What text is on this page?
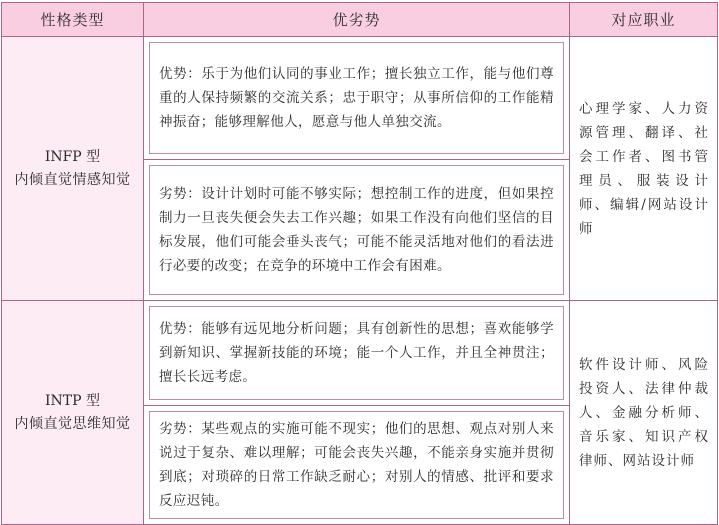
性格类型	优劣势	对应职业

INFP 型
内倾直觉情感知觉	优势：乐于为他们认同的事业工作；擅长独立工作，能与他们尊重的人保持频繁的交流关系；忠于职守；从事所信仰的工作能精神振奋；能够理解他人，愿意与他人单独交流。	心理学家、人力资源管理、翻译、社会工作者、图书管理员、服装设计师、编辑/网站设计师

劣势：设计计划时可能不够实际；想控制工作的进度，但如果控制力一旦丧失便会失去工作兴趣；如果工作没有向他们坚信的目标发展，他们可能会垂头丧气；可能不能灵活地对他们的看法进行必要的改变；在竞争的环境中工作会有困难。	

INTP 型
内倾直觉思维知觉	优势：能够有远见地分析问题；具有创新性的思想；喜欢能够学到新知识、掌握新技能的环境；能一个人工作，并且全神贯注；擅长长远考虑。	软件设计师、风险投资人、法律仲裁人、金融分析师、音乐家、知识产权律师、网站设计师

劣势：某些观点的实施可能不现实；他们的思想、观点对别人来说过于复杂、难以理解；可能会丧失兴趣，不能亲身实施并贯彻到底；对琐碎的日常工作缺乏耐心；对别人的情感、批评和要求反应迟钝。	
